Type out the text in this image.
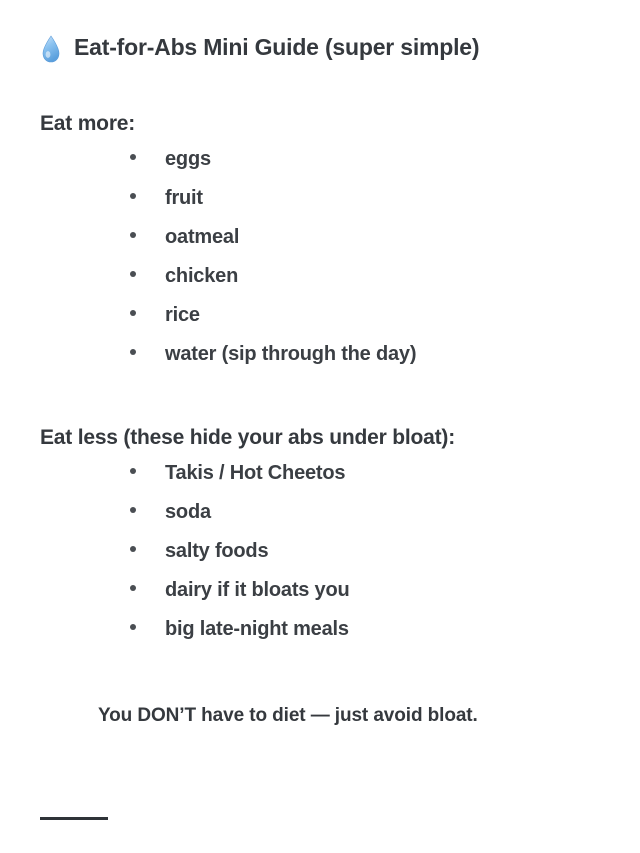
Eat-for-Abs Mini Guide (super simple)
Eat more:
eggs
fruit
oatmeal
chicken
rice
water (sip through the day)
Eat less (these hide your abs under bloat):
Takis / Hot Cheetos
soda
salty foods
dairy if it bloats you
big late-night meals
You DON’T have to diet — just avoid bloat.
